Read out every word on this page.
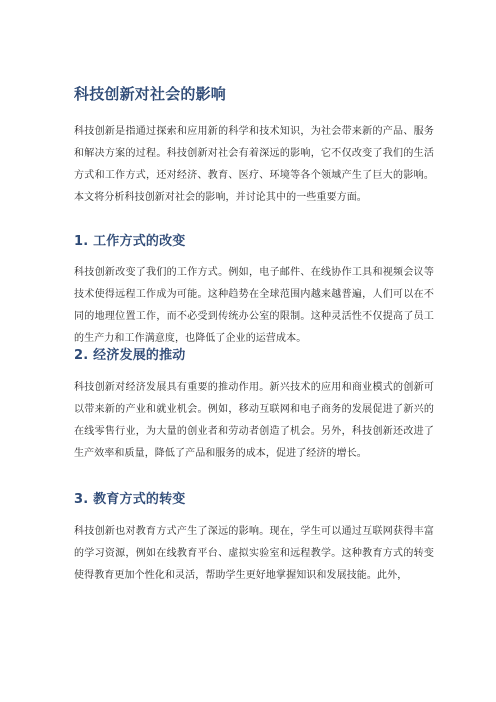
科技创新对社会的影响

科技创新是指通过探索和应用新的科学和技术知识，为社会带来新的产品、服务和解决方案的过程。科技创新对社会有着深远的影响，它不仅改变了我们的生活方式和工作方式，还对经济、教育、医疗、环境等各个领域产生了巨大的影响。本文将分析科技创新对社会的影响，并讨论其中的一些重要方面。

1. 工作方式的改变

科技创新改变了我们的工作方式。例如，电子邮件、在线协作工具和视频会议等技术使得远程工作成为可能。这种趋势在全球范围内越来越普遍，人们可以在不同的地理位置工作，而不必受到传统办公室的限制。这种灵活性不仅提高了员工的生产力和工作满意度，也降低了企业的运营成本。

2. 经济发展的推动

科技创新对经济发展具有重要的推动作用。新兴技术的应用和商业模式的创新可以带来新的产业和就业机会。例如，移动互联网和电子商务的发展促进了新兴的在线零售行业，为大量的创业者和劳动者创造了机会。另外，科技创新还改进了生产效率和质量，降低了产品和服务的成本，促进了经济的增长。

3. 教育方式的转变

科技创新也对教育方式产生了深远的影响。现在，学生可以通过互联网获得丰富的学习资源，例如在线教育平台、虚拟实验室和远程教学。这种教育方式的转变使得教育更加个性化和灵活，帮助学生更好地掌握知识和发展技能。此外，
